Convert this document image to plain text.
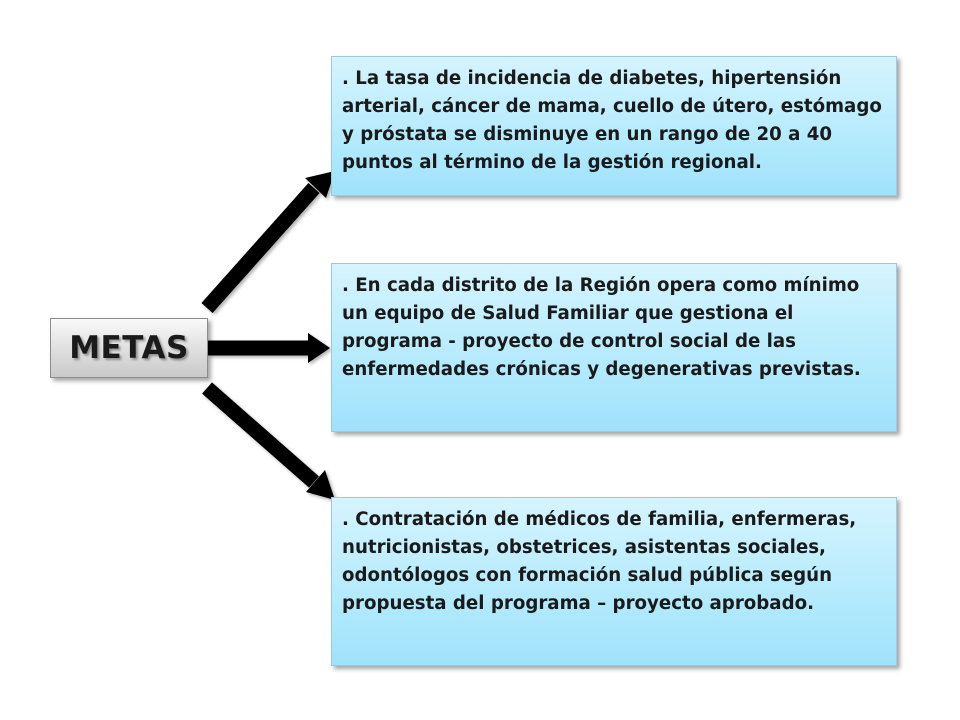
METAS

. La tasa de incidencia de diabetes, hipertensión arterial, cáncer de mama, cuello de útero, estómago y próstata se disminuye en un rango de 20 a 40 puntos al término de la gestión regional.

. En cada distrito de la Región opera como mínimo un equipo de Salud Familiar que gestiona el programa - proyecto de control social de las enfermedades crónicas y degenerativas previstas.

. Contratación de médicos de familia, enfermeras, nutricionistas, obstetrices, asistentas sociales, odontólogos con formación salud pública según propuesta del programa – proyecto aprobado.
